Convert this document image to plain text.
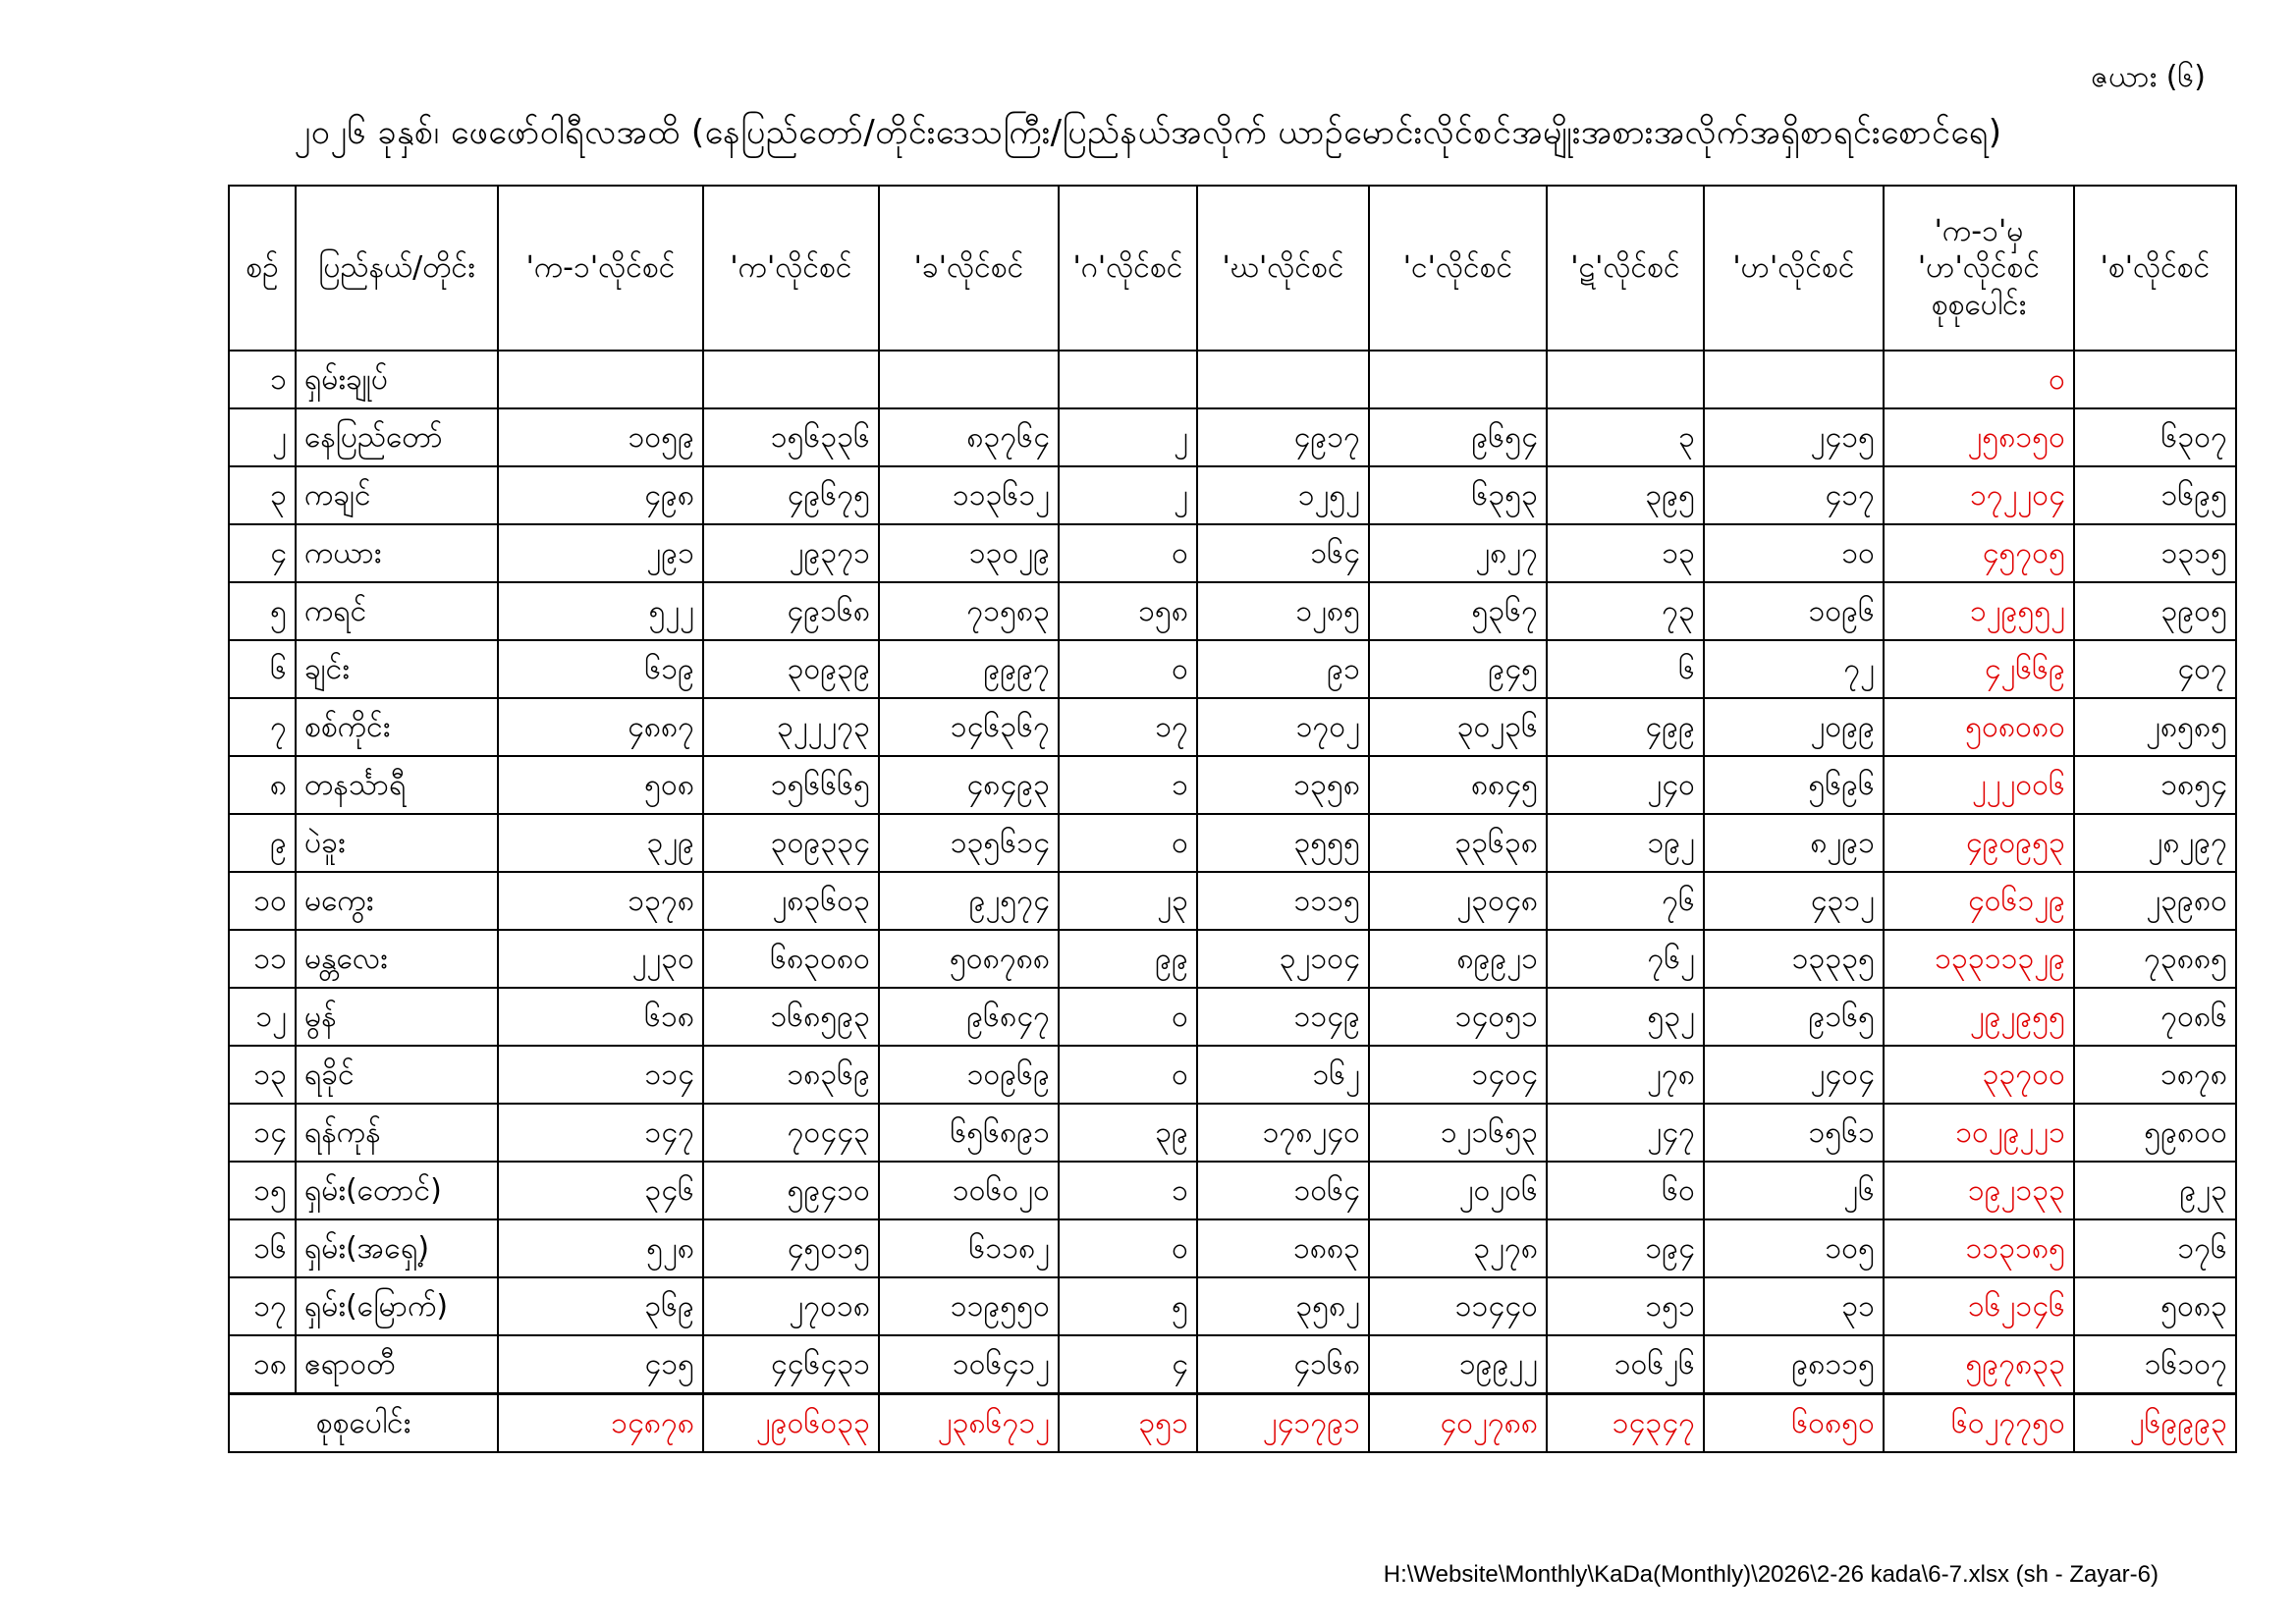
ဇယား (၆)
၂၀၂၆ ခုနှစ်၊ ဖေဖော်ဝါရီလအထိ (နေပြည်တော်/တိုင်းဒေသကြီး/ပြည်နယ်အလိုက် ယာဉ်မောင်းလိုင်စင်အမျိုးအစားအလိုက်အရှိစာရင်းစောင်ရေ)
စဉ်	ပြည်နယ်/တိုင်း	'က-၁'လိုင်စင်	'က'လိုင်စင်	'ခ'လိုင်စင်	'ဂ'လိုင်စင်	'ဃ'လိုင်စင်	'င'လိုင်စင်	'ဋ'လိုင်စင်	'ဟ'လိုင်စင်	'က-၁'မှ 'ဟ'လိုင်စင် စုစုပေါင်း	'စ'လိုင်စင်
၁	ရှမ်းချုပ်									၀	
၂	နေပြည်တော်	၁၀၅၉	၁၅၆၃၃၆	၈၃၇၆၄	၂	၄၉၁၇	၉၆၅၄	၃	၂၄၁၅	၂၅၈၁၅၀	၆၃၀၇
၃	ကချင်	၄၉၈	၄၉၆၇၅	၁၁၃၆၁၂	၂	၁၂၅၂	၆၃၅၃	၃၉၅	၄၁၇	၁၇၂၂၀၄	၁၆၉၅
၄	ကယား	၂၉၁	၂၉၃၇၁	၁၃၀၂၉	၀	၁၆၄	၂၈၂၇	၁၃	၁၀	၄၅၇၀၅	၁၃၁၅
၅	ကရင်	၅၂၂	၄၉၁၆၈	၇၁၅၈၃	၁၅၈	၁၂၈၅	၅၃၆၇	၇၃	၁၀၉၆	၁၂၉၅၅၂	၃၉၀၅
၆	ချင်း	၆၁၉	၃၀၉၃၉	၉၉၉၇	၀	၉၁	၉၄၅	၆	၇၂	၄၂၆၆၉	၄၀၇
၇	စစ်ကိုင်း	၄၈၈၇	၃၂၂၂၇၃	၁၄၆၃၆၇	၁၇	၁၇၀၂	၃၀၂၃၆	၄၉၉	၂၀၉၉	၅၀၈၀၈၀	၂၈၅၈၅
၈	တနင်္သာရီ	၅၀၈	၁၅၆၆၆၅	၄၈၄၉၃	၁	၁၃၅၈	၈၈၄၅	၂၄၀	၅၆၉၆	၂၂၂၀၀၆	၁၈၅၄
၉	ပဲခူး	၃၂၉	၃၀၉၃၃၄	၁၃၅၆၁၄	၀	၃၅၅၅	၃၃၆၃၈	၁၉၂	၈၂၉၁	၄၉၀၉၅၃	၂၈၂၉၇
၁၀	မကွေး	၁၃၇၈	၂၈၃၆၀၃	၉၂၅၇၄	၂၃	၁၁၁၅	၂၃၀၄၈	၇၆	၄၃၁၂	၄၀၆၁၂၉	၂၃၉၈၀
၁၁	မန္တလေး	၂၂၃၀	၆၈၃၀၈၀	၅၀၈၇၈၈	၉၉	၃၂၁၀၄	၈၉၉၂၁	၇၆၂	၁၃၃၃၅	၁၃၃၁၁၃၂၉	၇၃၈၈၅
၁၂	မွန်	၆၁၈	၁၆၈၅၉၃	၉၆၈၄၇	၀	၁၁၄၉	၁၄၀၅၁	၅၃၂	၉၁၆၅	၂၉၂၉၅၅	၇၀၈၆
၁၃	ရခိုင်	၁၁၄	၁၈၃၆၉	၁၀၉၆၉	၀	၁၆၂	၁၄၀၄	၂၇၈	၂၄၀၄	၃၃၇၀၀	၁၈၇၈
၁၄	ရန်ကုန်	၁၄၇	၇၀၄၄၃	၆၅၆၈၉၁	၃၉	၁၇၈၂၄၀	၁၂၁၆၅၃	၂၄၇	၁၅၆၁	၁၀၂၉၂၂၁	၅၉၈၀၀
၁၅	ရှမ်း(တောင်)	၃၄၆	၅၉၄၁၀	၁၀၆၀၂၀	၁	၁၀၆၄	၂၀၂၀၆	၆၀	၂၆	၁၉၂၁၃၃	၉၂၃
၁၆	ရှမ်း(အရှေ့)	၅၂၈	၄၅၀၁၅	၆၁၁၈၂	၀	၁၈၈၃	၃၂၇၈	၁၉၄	၁၀၅	၁၁၃၁၈၅	၁၇၆
၁၇	ရှမ်း(မြောက်)	၃၆၉	၂၇၀၁၈	၁၁၉၅၅၀	၅	၃၅၈၂	၁၁၄၄၀	၁၅၁	၃၁	၁၆၂၁၄၆	၅၀၈၃
၁၈	ဧရာဝတီ	၄၁၅	၄၄၆၄၃၁	၁၀၆၄၁၂	၄	၄၁၆၈	၁၉၉၂၂	၁၀၆၂၆	၉၈၁၁၅	၅၉၇၈၃၃	၁၆၁၀၇
စုစုပေါင်း		၁၄၈၇၈	၂၉၀၆၀၃၃	၂၃၈၆၇၁၂	၃၅၁	၂၄၁၇၉၁	၄၀၂၇၈၈	၁၄၃၄၇	၆၀၈၅၀	၆၀၂၇၇၅၀	၂၆၉၉၉၃
H:\Website\Monthly\KaDa(Monthly)\2026\2-26 kada\6-7.xlsx (sh - Zayar-6)
